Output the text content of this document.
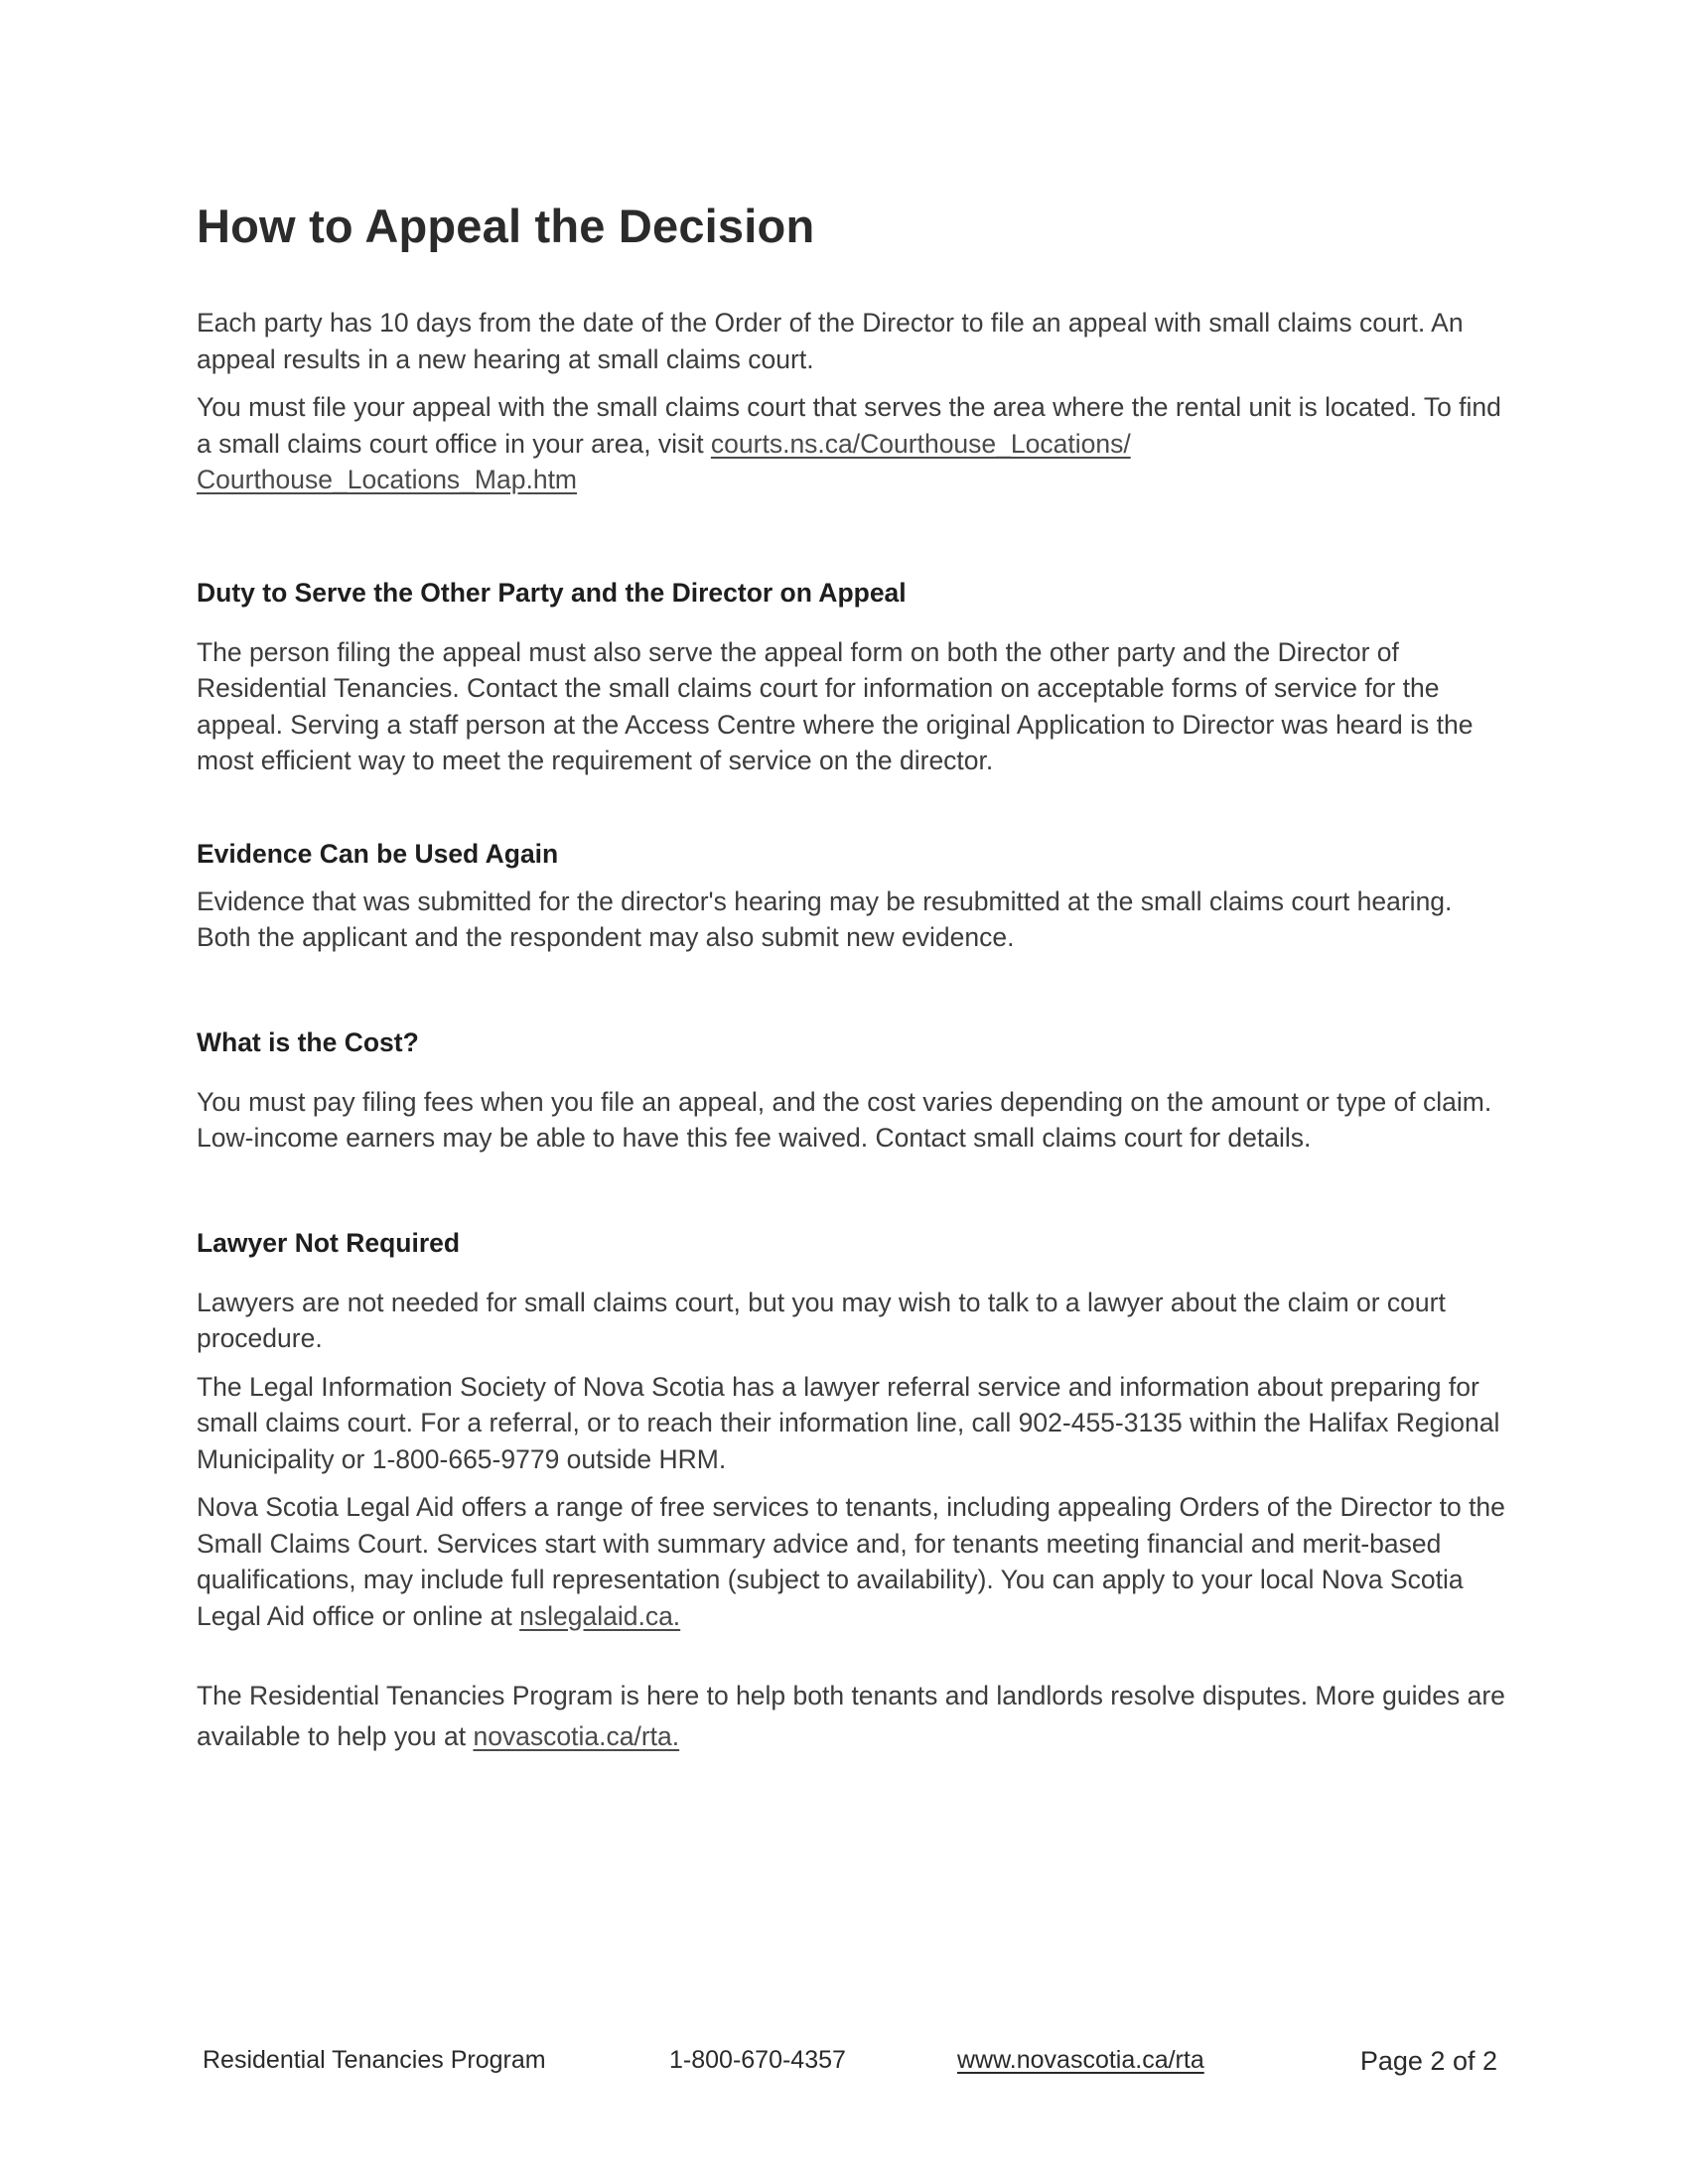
How to Appeal the Decision

Each party has 10 days from the date of the Order of the Director to file an appeal with small claims court. An appeal results in a new hearing at small claims court.

You must file your appeal with the small claims court that serves the area where the rental unit is located. To find a small claims court office in your area, visit courts.ns.ca/Courthouse_Locations/ Courthouse_Locations_Map.htm

Duty to Serve the Other Party and the Director on Appeal

The person filing the appeal must also serve the appeal form on both the other party and the Director of Residential Tenancies. Contact the small claims court for information on acceptable forms of service for the appeal. Serving a staff person at the Access Centre where the original Application to Director was heard is the most efficient way to meet the requirement of service on the director.

Evidence Can be Used Again

Evidence that was submitted for the director's hearing may be resubmitted at the small claims court hearing. Both the applicant and the respondent may also submit new evidence.

What is the Cost?

You must pay filing fees when you file an appeal, and the cost varies depending on the amount or type of claim. Low-income earners may be able to have this fee waived. Contact small claims court for details.

Lawyer Not Required

Lawyers are not needed for small claims court, but you may wish to talk to a lawyer about the claim or court procedure.

The Legal Information Society of Nova Scotia has a lawyer referral service and information about preparing for small claims court. For a referral, or to reach their information line, call 902-455-3135 within the Halifax Regional Municipality or 1-800-665-9779 outside HRM.

Nova Scotia Legal Aid offers a range of free services to tenants, including appealing Orders of the Director to the Small Claims Court. Services start with summary advice and, for tenants meeting financial and merit-based qualifications, may include full representation (subject to availability). You can apply to your local Nova Scotia Legal Aid office or online at nslegalaid.ca.

The Residential Tenancies Program is here to help both tenants and landlords resolve disputes. More guides are available to help you at novascotia.ca/rta.

Residential Tenancies Program	1-800-670-4357	www.novascotia.ca/rta	Page 2 of 2
